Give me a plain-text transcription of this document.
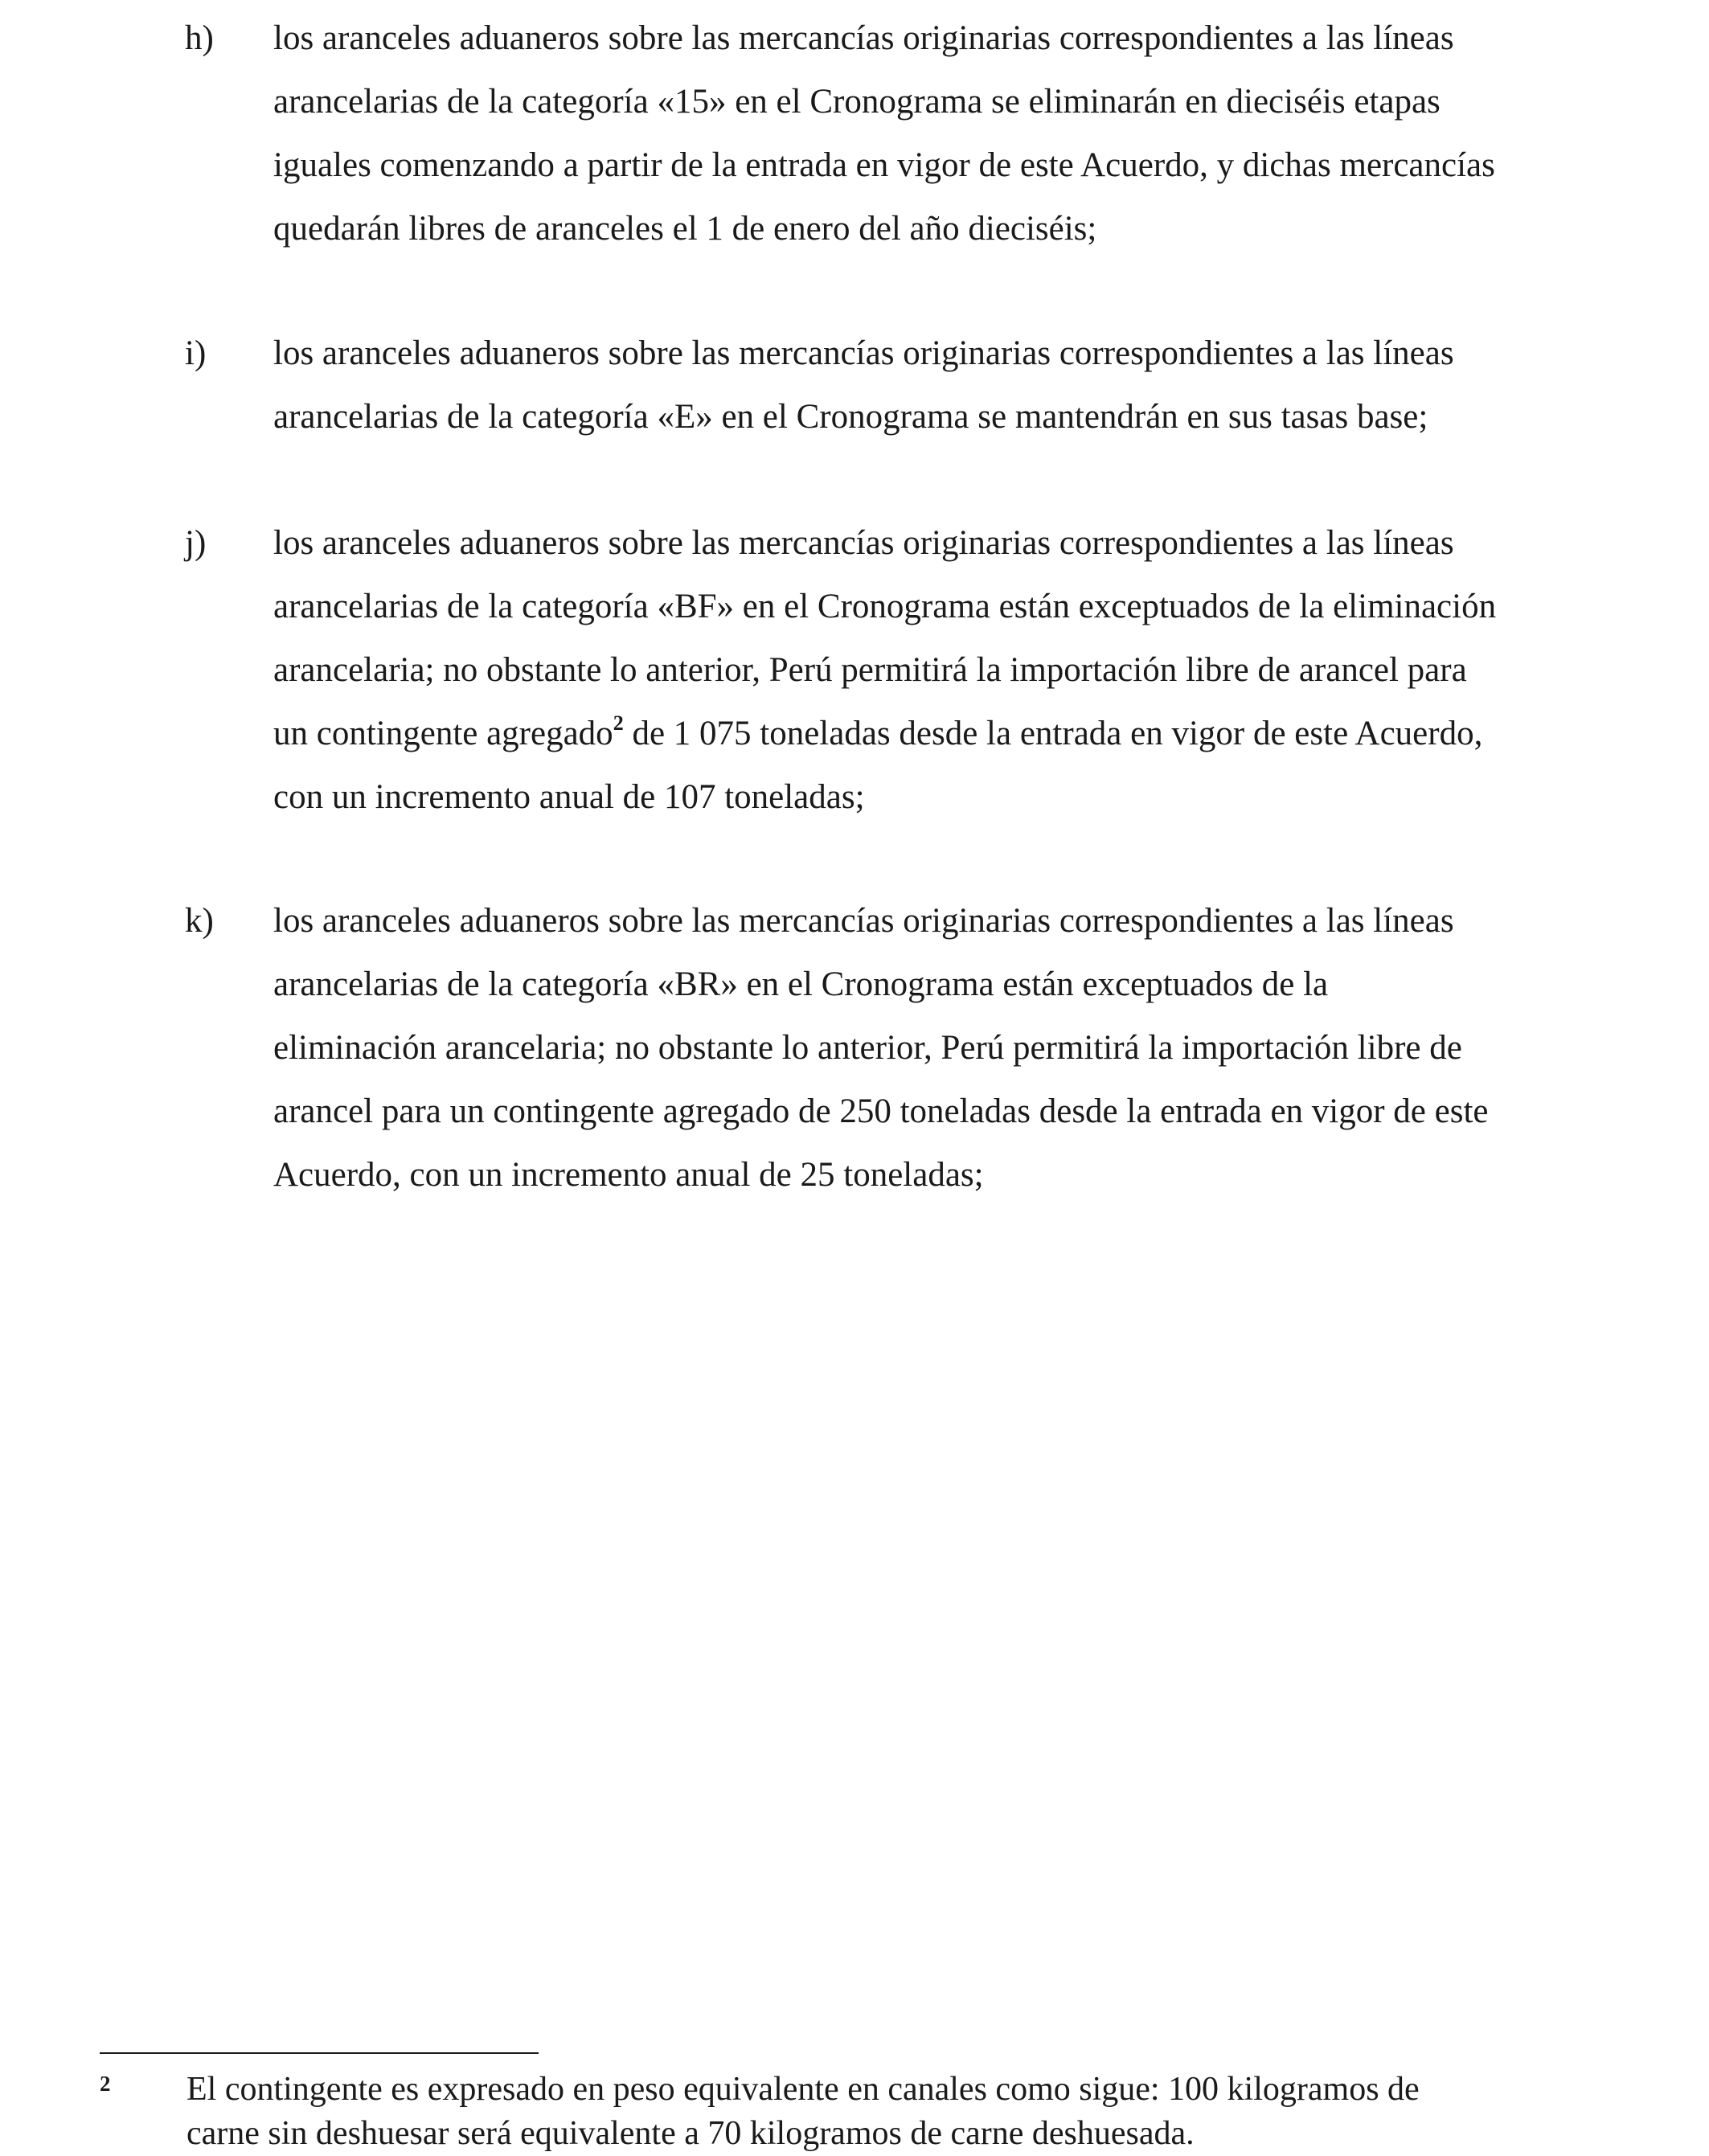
h) los aranceles aduaneros sobre las mercancías originarias correspondientes a las líneas
arancelarias de la categoría «15» en el Cronograma se eliminarán en dieciséis etapas
iguales comenzando a partir de la entrada en vigor de este Acuerdo, y dichas mercancías
quedarán libres de aranceles el 1 de enero del año dieciséis;

i) los aranceles aduaneros sobre las mercancías originarias correspondientes a las líneas
arancelarias de la categoría «E» en el Cronograma se mantendrán en sus tasas base;

j) los aranceles aduaneros sobre las mercancías originarias correspondientes a las líneas
arancelarias de la categoría «BF» en el Cronograma están exceptuados de la eliminación
arancelaria; no obstante lo anterior, Perú permitirá la importación libre de arancel para
un contingente agregado$^2$ de 1 075 toneladas desde la entrada en vigor de este Acuerdo,
con un incremento anual de 107 toneladas;

k) los aranceles aduaneros sobre las mercancías originarias correspondientes a las líneas
arancelarias de la categoría «BR» en el Cronograma están exceptuados de la
eliminación arancelaria; no obstante lo anterior, Perú permitirá la importación libre de
arancel para un contingente agregado de 250 toneladas desde la entrada en vigor de este
Acuerdo, con un incremento anual de 25 toneladas;

2 El contingente es expresado en peso equivalente en canales como sigue: 100 kilogramos de
carne sin deshuesar será equivalente a 70 kilogramos de carne deshuesada.
